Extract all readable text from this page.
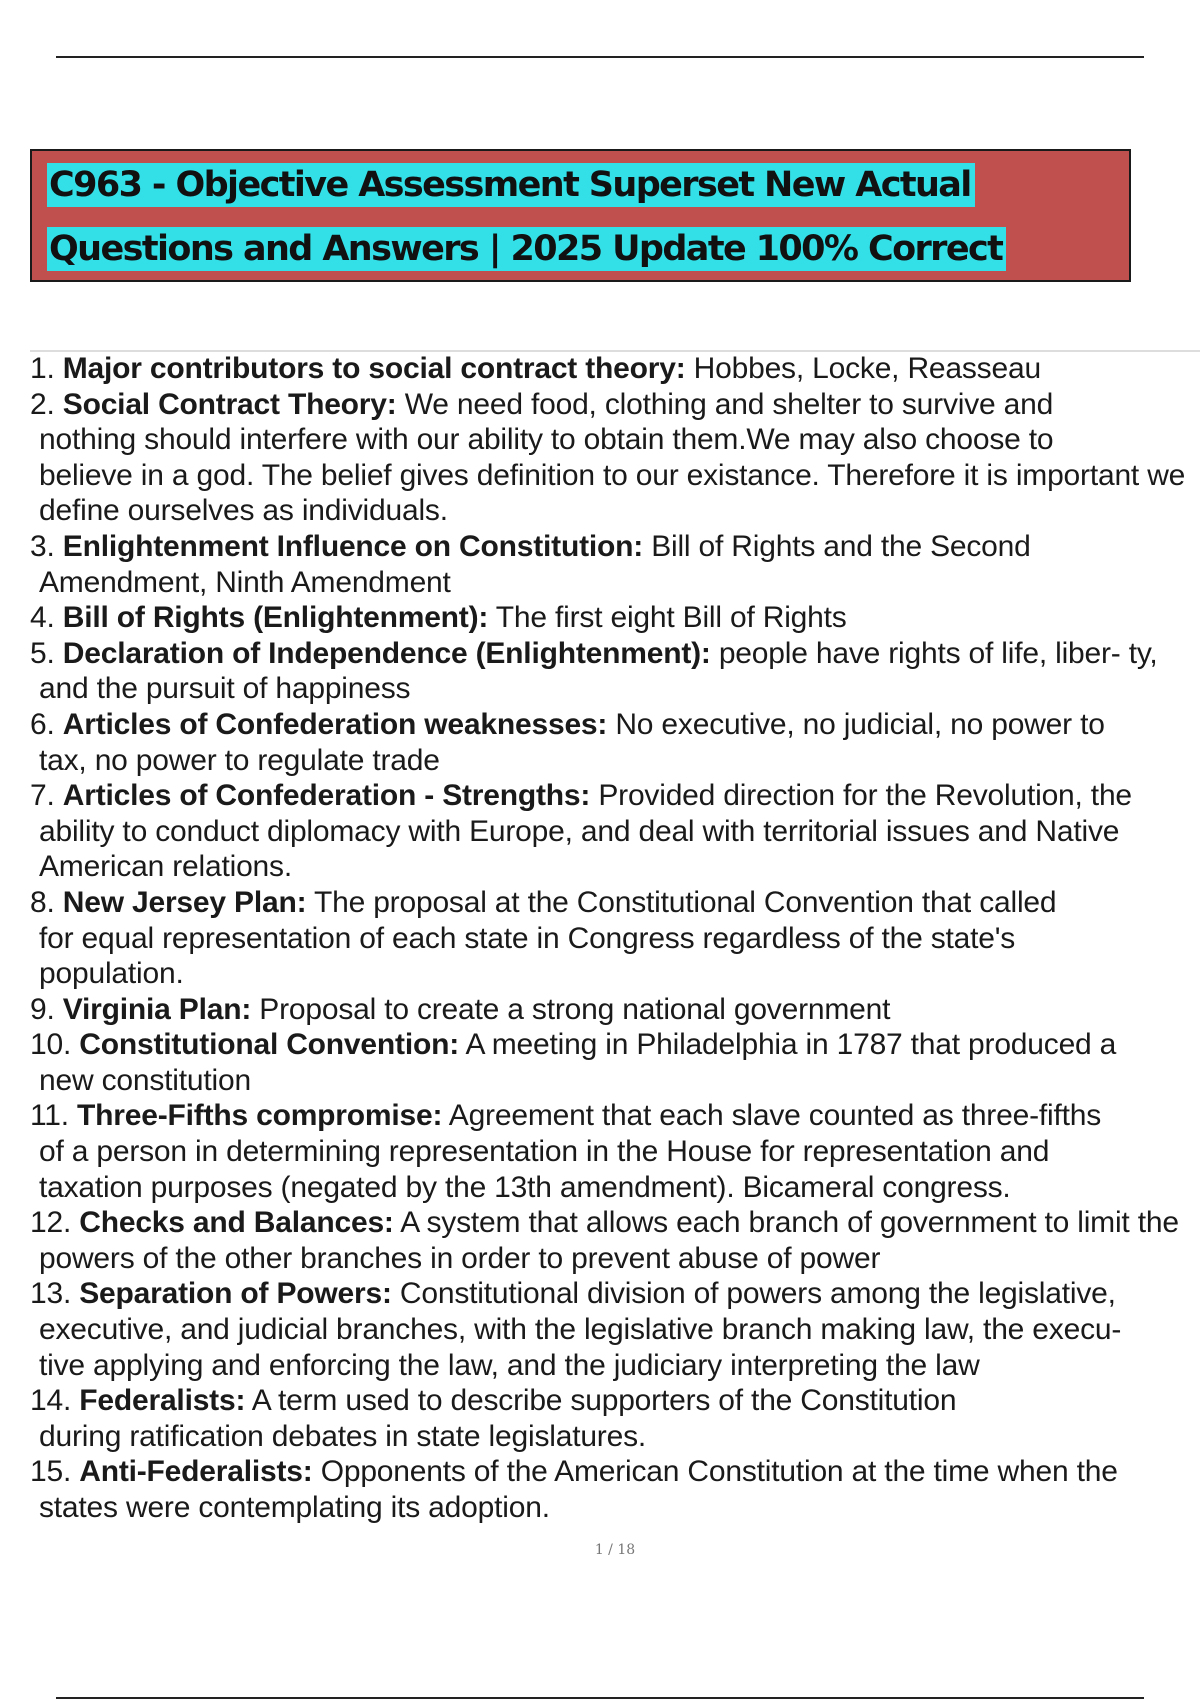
C963 - Objective Assessment Superset New Actual
Questions and Answers | 2025 Update 100% Correct
1. Major contributors to social contract theory: Hobbes, Locke, Reasseau
2. Social Contract Theory: We need food, clothing and shelter to survive and
nothing should interfere with our ability to obtain them.We may also choose to
believe in a god. The belief gives definition to our existance. Therefore it is important we
define ourselves as individuals.
3. Enlightenment Influence on Constitution: Bill of Rights and the Second
Amendment, Ninth Amendment
4. Bill of Rights (Enlightenment): The first eight Bill of Rights
5. Declaration of Independence (Enlightenment): people have rights of life, liber- ty,
and the pursuit of happiness
6. Articles of Confederation weaknesses: No executive, no judicial, no power to
tax, no power to regulate trade
7. Articles of Confederation - Strengths: Provided direction for the Revolution, the
ability to conduct diplomacy with Europe, and deal with territorial issues and Native
American relations.
8. New Jersey Plan: The proposal at the Constitutional Convention that called
for equal representation of each state in Congress regardless of the state's
population.
9. Virginia Plan: Proposal to create a strong national government
10. Constitutional Convention: A meeting in Philadelphia in 1787 that produced a
new constitution
11. Three-Fifths compromise: Agreement that each slave counted as three-fifths
of a person in determining representation in the House for representation and
taxation purposes (negated by the 13th amendment). Bicameral congress.
12. Checks and Balances: A system that allows each branch of government to limit the
powers of the other branches in order to prevent abuse of power
13. Separation of Powers: Constitutional division of powers among the legislative,
executive, and judicial branches, with the legislative branch making law, the execu-
tive applying and enforcing the law, and the judiciary interpreting the law
14. Federalists: A term used to describe supporters of the Constitution
during ratification debates in state legislatures.
15. Anti-Federalists: Opponents of the American Constitution at the time when the
states were contemplating its adoption.
1 / 18
